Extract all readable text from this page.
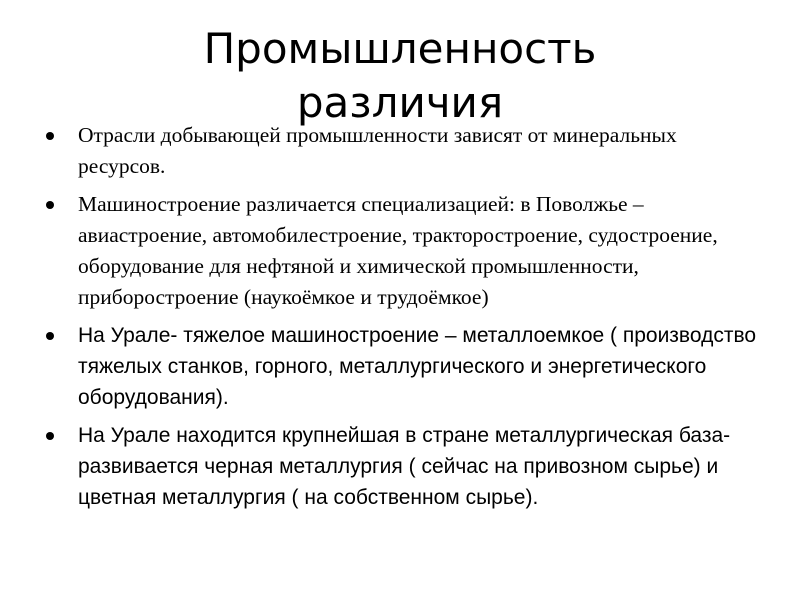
Промышленность
различия
Отрасли добывающей промышленности зависят от минеральных ресурсов.
Машиностроение различается специализацией: в Поволжье –авиастроение, автомобилестроение, тракторостроение, судостроение, оборудование для нефтяной и химической промышленности, приборостроение (наукоёмкое и трудоёмкое)
На Урале- тяжелое машиностроение – металлоемкое ( производство тяжелых станков, горного, металлургического и энергетического оборудования).
На Урале находится крупнейшая в стране металлургическая база- развивается черная металлургия ( сейчас на привозном сырье) и цветная металлургия ( на собственном сырье).
